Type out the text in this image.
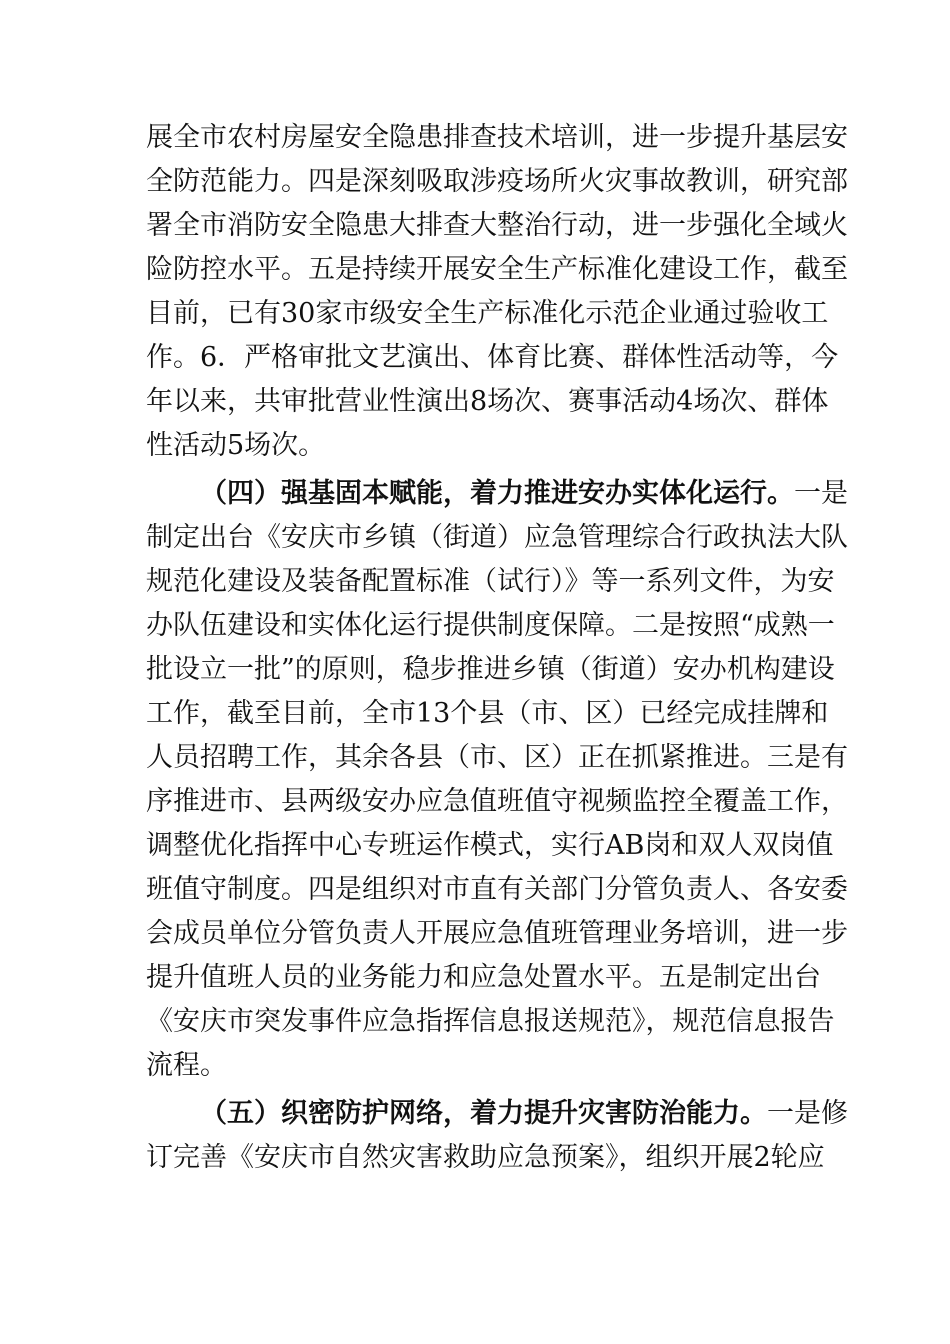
展全市农村房屋安全隐患排查技术培训，进一步提升基层安
全防范能力。四是深刻吸取涉疫场所火灾事故教训，研究部
署全市消防安全隐患大排查大整治行动，进一步强化全域火
险防控水平。五是持续开展安全生产标准化建设工作，截至
目前，已有30家市级安全生产标准化示范企业通过验收工
作。6．严格审批文艺演出、体育比赛、群体性活动等，今
年以来，共审批营业性演出8场次、赛事活动4场次、群体
性活动5场次。
（四）强基固本赋能，着力推进安办实体化运行。一是
制定出台《安庆市乡镇（街道）应急管理综合行政执法大队
规范化建设及装备配置标准（试行）》等一系列文件，为安
办队伍建设和实体化运行提供制度保障。二是按照“成熟一
批设立一批”的原则，稳步推进乡镇（街道）安办机构建设
工作，截至目前，全市13个县（市、区）已经完成挂牌和
人员招聘工作，其余各县（市、区）正在抓紧推进。三是有
序推进市、县两级安办应急值班值守视频监控全覆盖工作，
调整优化指挥中心专班运作模式，实行AB岗和双人双岗值
班值守制度。四是组织对市直有关部门分管负责人、各安委
会成员单位分管负责人开展应急值班管理业务培训，进一步
提升值班人员的业务能力和应急处置水平。五是制定出台
《安庆市突发事件应急指挥信息报送规范》，规范信息报告
流程。
（五）织密防护网络，着力提升灾害防治能力。一是修
订完善《安庆市自然灾害救助应急预案》，组织开展2轮应
